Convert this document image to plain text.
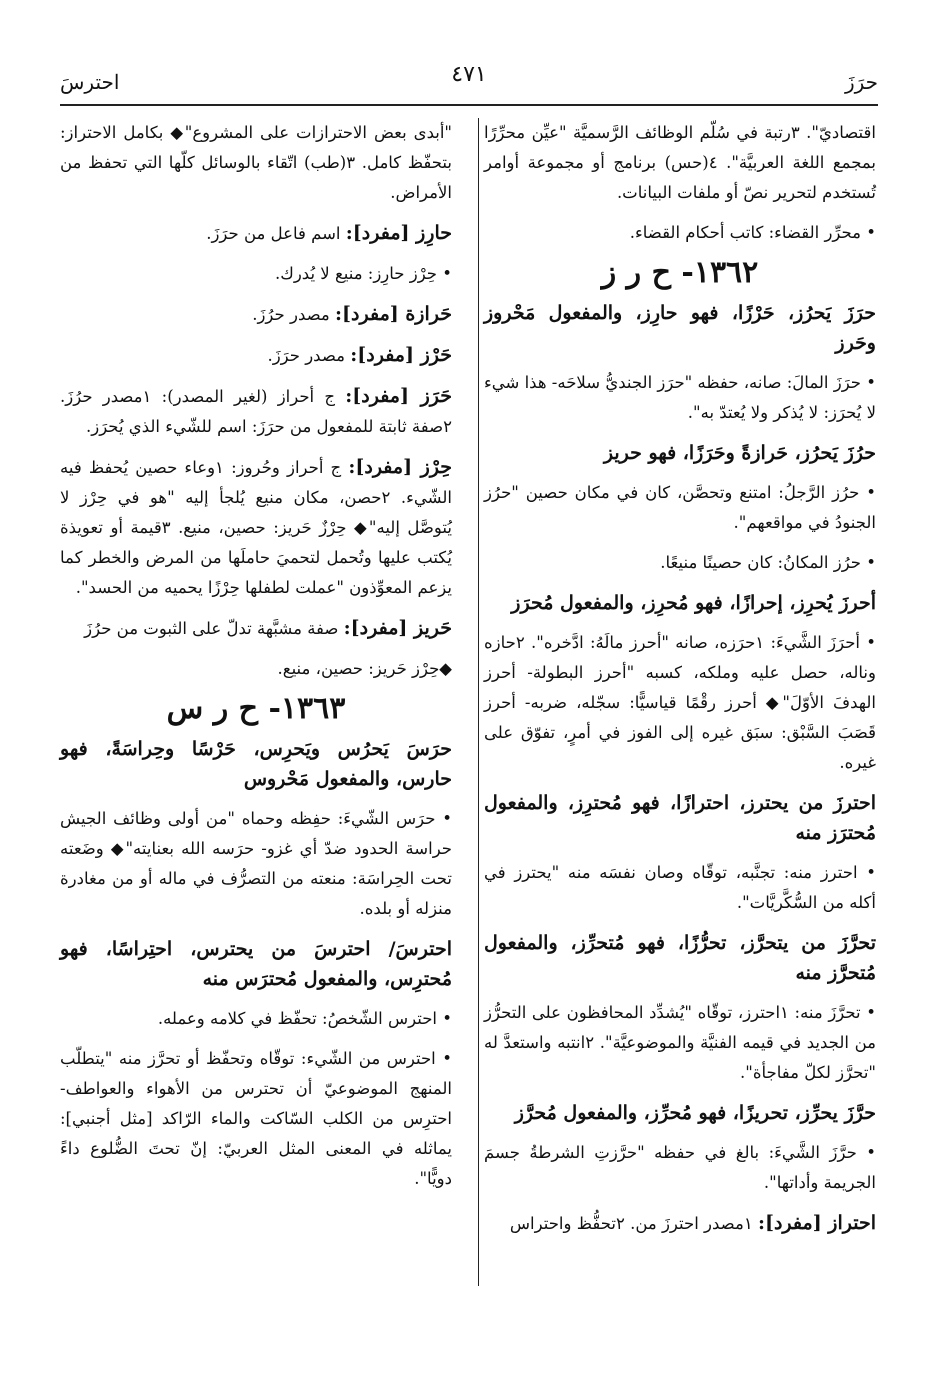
حرَزَ
٤٧١
احترسَ

اقتصاديّ". ٣رتبة في سُلّم الوظائف الرَّسميَّة "عيِّن محرِّرًا بمجمع اللغة العربيَّة". ٤(حس) برنامج أو مجموعة أوامر تُستخدم لتحرير نصّ أو ملفات البيانات.

• محرِّر القضاء: كاتب أحكام القضاء.

١٣٦٢- ح ر ز

حرَزَ يَحرُز، حَرْزًا، فهو حارِز، والمفعول مَحْروز وحَرز

• حرَزَ المالَ: صانه، حفظه "حرَز الجنديُّ سلاحَه- هذا شيء لا يُحرَز: لا يُذكر ولا يُعتدّ به".

حرُزَ يَحرُز، حَرازةً وحَرَزًا، فهو حريز

• حرُز الرَّجلُ: امتنع وتحصَّن، كان في مكان حصين "حرُز الجنودُ في مواقعهم".

• حرُز المكانُ: كان حصينًا منيعًا.

أحرزَ يُحرِز، إحرازًا، فهو مُحرِز، والمفعول مُحرَز

• أحرَزَ الشَّيءَ: ١حرَزه، صانه "أحرز مالَهُ: ادَّخره". ٢حازه وناله، حصل عليه وملكه، كسبه "أحرز البطولة- أحرز الهدفَ الأوّلَ"◆ أحرز رقْمًا قياسيًّا: سجّله، ضربه- أحرز قَصَبَ السَّبْق: سبَق غيره إلى الفوز في أمرٍ، تفوّق على غيره.

احترزَ من يحترز، احترازًا، فهو مُحترِز، والمفعول مُحترَز منه

• احترز منه: تجنَّبه، توقّاه وصان نفسَه منه "يحترز في أكله من السُّكَّريَّات".

تحرَّزَ من يتحرَّز، تحرُّزًا، فهو مُتحرِّز، والمفعول مُتحرَّز منه

• تحرَّزَ منه: ١احترز، توقّاه "يُشدِّد المحافظون على التحرُّز من الجديد في قيمه الفنيَّة والموضوعيَّة". ٢انتبه واستعدَّ له "تحرَّز لكلّ مفاجأة".

حرَّزَ يحرِّز، تحريزًا، فهو مُحرِّز، والمفعول مُحرَّز

• حرَّزَ الشَّيءَ: بالغ في حفظه "حرَّزتِ الشرطةُ جسمَ الجريمة وأداتها".

احتراز [مفرد]: ١مصدر احترزَ من. ٢تحفُّظ واحتراس

"أبدى بعض الاحترازات على المشروع"◆ بكامل الاحتراز: بتحفّظ كامل. ٣(طب) اتّقاء بالوسائل كلّها التي تحفظ من الأمراض.

حارِز [مفرد]: اسم فاعل من حرَزَ.

• حِرْز حارِز: منيع لا يُدرك.

حَرازة [مفرد]: مصدر حرُزَ.

حَرْز [مفرد]: مصدر حرَزَ.

حَرَز [مفرد]: ج أحراز (لغير المصدر): ١مصدر حرُزَ. ٢صفة ثابتة للمفعول من حرَزَ: اسم للشّيء الذي يُحرَز.

حِرْز [مفرد]: ج أحراز وحُروز: ١وعاء حصين يُحفظ فيه الشّيء. ٢حصن، مكان منيع يُلجأ إليه "هو في حِرْز لا يُتوصَّل إليه"◆ حِرْزٌ حَريز: حصين، منيع. ٣قيمة أو تعويذة يُكتب عليها وتُحمل لتحميَ حاملَها من المرض والخطر كما يزعم المعوِّذون "عملت لطفلها حِرْزًا يحميه من الحسد".

حَريز [مفرد]: صفة مشبَّهة تدلّ على الثبوت من حرُزَ

◆حِرْز حَريز: حصين، منيع.

١٣٦٣- ح ر س

حرَسَ يَحرُس ويَحرِس، حَرْسًا وحِراسَةً، فهو حارس، والمفعول مَحْروس

• حرَس الشّيءَ: حفِظه وحماه "من أولى وظائف الجيش حراسة الحدود ضدّ أي غزو- حرَسه الله بعنايته"◆ وضَعته تحت الحِراسَة: منعته من التصرُّف في ماله أو من مغادرة منزله أو بلده.

احترسَ/ احترسَ من يحترس، احتِراسًا، فهو مُحترِس، والمفعول مُحترَس منه

• احترس الشّخصُ: تحفّظ في كلامه وعمله.

• احترس من الشّيء: توقّاه وتحفّظ أو تحرَّز منه "يتطلّب المنهج الموضوعيّ أن تحترس من الأهواء والعواطف- احترِس من الكلب السّاكت والماء الرّاكد [مثل أجنبي]: يماثله في المعنى المثل العربيّ: إنّ تحتَ الضُّلوع داءً دويًّا".
